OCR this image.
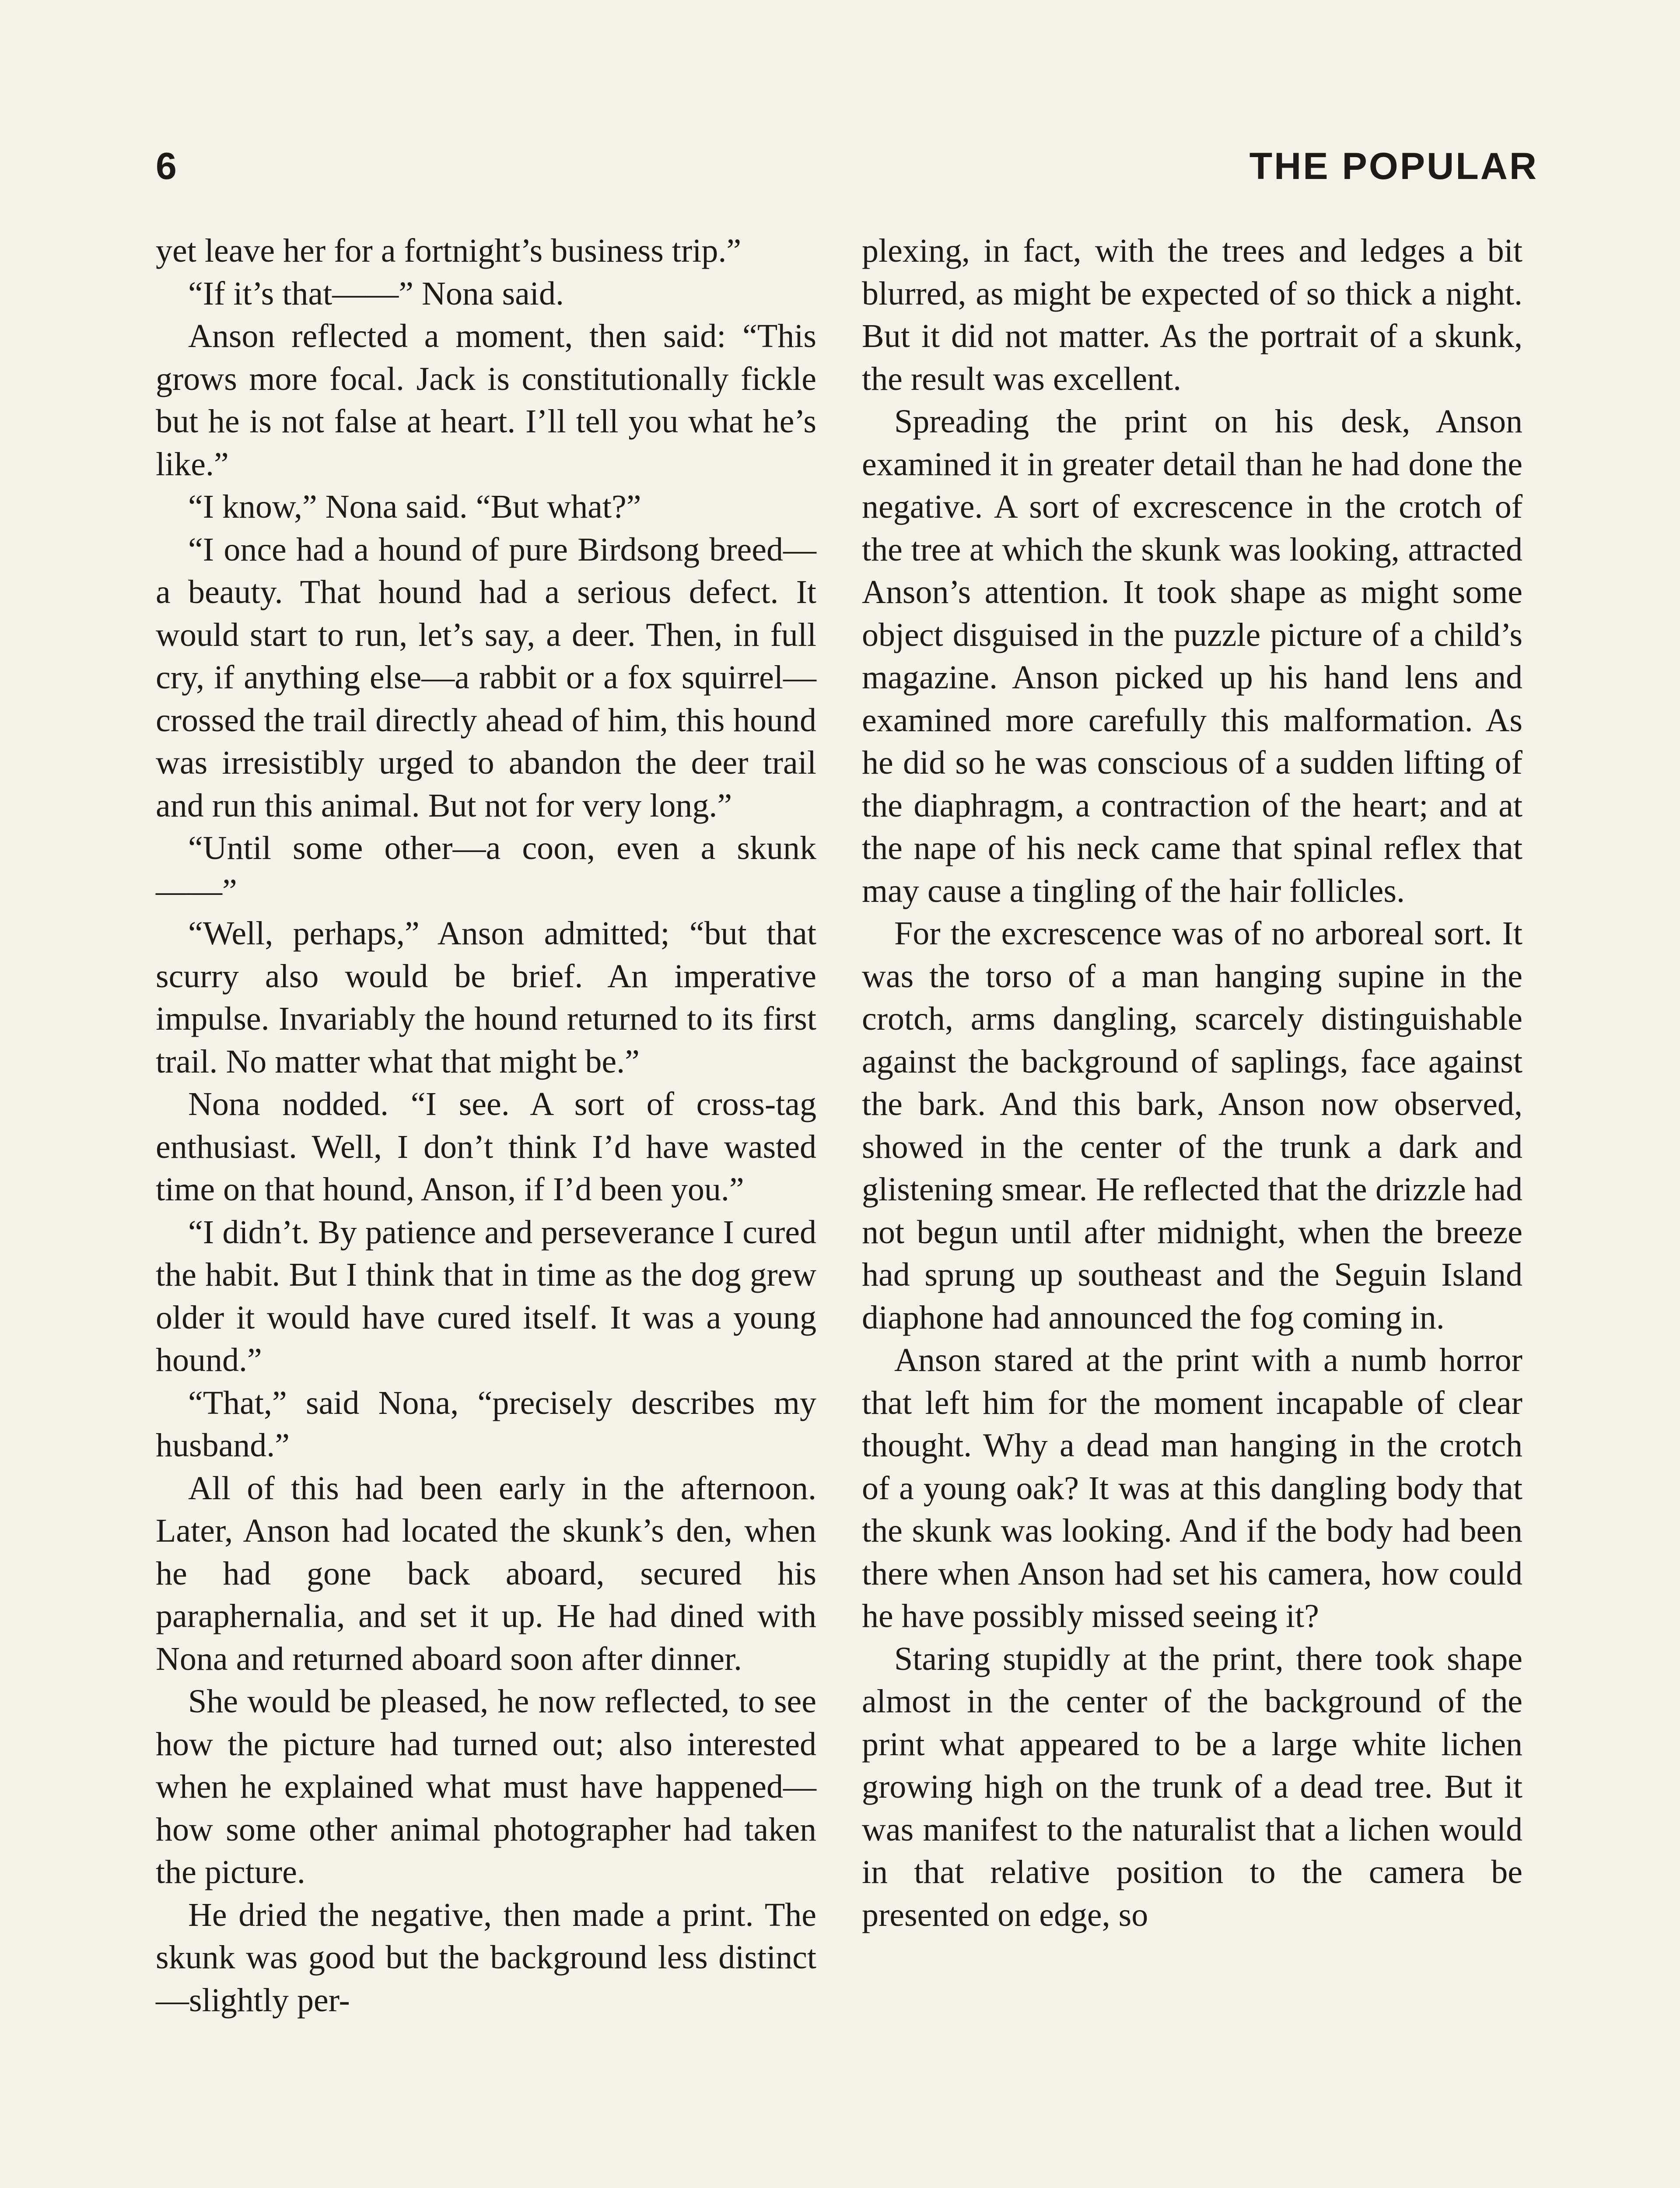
6	THE POPULAR

yet leave her for a fortnight’s business trip.”

“If it’s that——” Nona said.

Anson reflected a moment, then said: “This grows more focal. Jack is constitutionally fickle but he is not false at heart. I’ll tell you what he’s like.”

“I know,” Nona said. “But what?”

“I once had a hound of pure Birdsong breed—a beauty. That hound had a serious defect. It would start to run, let’s say, a deer. Then, in full cry, if anything else—a rabbit or a fox squirrel—crossed the trail directly ahead of him, this hound was irresistibly urged to abandon the deer trail and run this animal. But not for very long.”

“Until some other—a coon, even a skunk——”

“Well, perhaps,” Anson admitted; “but that scurry also would be brief. An imperative impulse. Invariably the hound returned to its first trail. No matter what that might be.”

Nona nodded. “I see. A sort of cross-tag enthusiast. Well, I don’t think I’d have wasted time on that hound, Anson, if I’d been you.”

“I didn’t. By patience and perseverance I cured the habit. But I think that in time as the dog grew older it would have cured itself. It was a young hound.”

“That,” said Nona, “precisely describes my husband.”

All of this had been early in the afternoon. Later, Anson had located the skunk’s den, when he had gone back aboard, secured his paraphernalia, and set it up. He had dined with Nona and returned aboard soon after dinner.

She would be pleased, he now reflected, to see how the picture had turned out; also interested when he explained what must have happened—how some other animal photographer had taken the picture.

He dried the negative, then made a print. The skunk was good but the background less distinct—slightly per-

plexing, in fact, with the trees and ledges a bit blurred, as might be expected of so thick a night. But it did not matter. As the portrait of a skunk, the result was excellent.

Spreading the print on his desk, Anson examined it in greater detail than he had done the negative. A sort of excrescence in the crotch of the tree at which the skunk was looking, attracted Anson’s attention. It took shape as might some object disguised in the puzzle picture of a child’s magazine. Anson picked up his hand lens and examined more carefully this malformation. As he did so he was conscious of a sudden lifting of the diaphragm, a contraction of the heart; and at the nape of his neck came that spinal reflex that may cause a tingling of the hair follicles.

For the excrescence was of no arboreal sort. It was the torso of a man hanging supine in the crotch, arms dangling, scarcely distinguishable against the background of saplings, face against the bark. And this bark, Anson now observed, showed in the center of the trunk a dark and glistening smear. He reflected that the drizzle had not begun until after midnight, when the breeze had sprung up southeast and the Seguin Island diaphone had announced the fog coming in.

Anson stared at the print with a numb horror that left him for the moment incapable of clear thought. Why a dead man hanging in the crotch of a young oak? It was at this dangling body that the skunk was looking. And if the body had been there when Anson had set his camera, how could he have possibly missed seeing it?

Staring stupidly at the print, there took shape almost in the center of the background of the print what appeared to be a large white lichen growing high on the trunk of a dead tree. But it was manifest to the naturalist that a lichen would in that relative position to the camera be presented on edge, so
